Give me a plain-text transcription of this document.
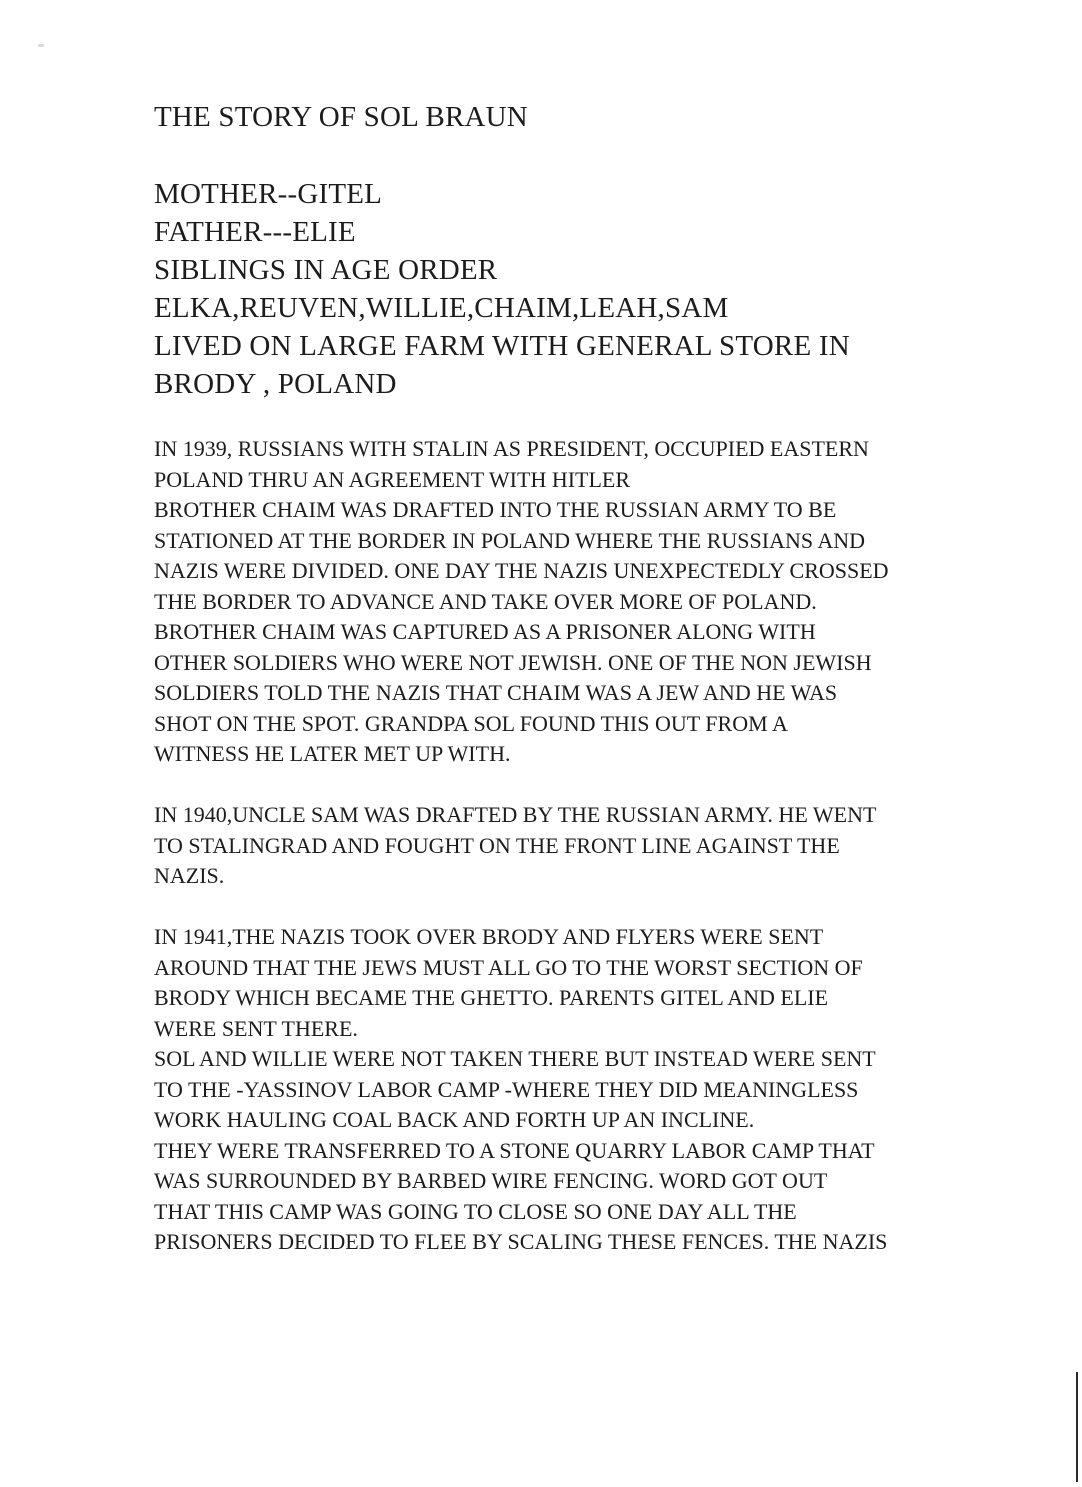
THE STORY OF SOL BRAUN
MOTHER--GITEL
FATHER---ELIE
SIBLINGS IN AGE ORDER
ELKA,REUVEN,WILLIE,CHAIM,LEAH,SAM
LIVED ON LARGE FARM WITH GENERAL STORE IN
BRODY , POLAND
IN 1939, RUSSIANS WITH STALIN AS PRESIDENT, OCCUPIED EASTERN
POLAND THRU AN AGREEMENT WITH HITLER
BROTHER CHAIM WAS DRAFTED INTO THE RUSSIAN ARMY TO BE
STATIONED AT THE BORDER IN POLAND WHERE THE RUSSIANS AND
NAZIS WERE DIVIDED. ONE DAY THE NAZIS UNEXPECTEDLY CROSSED
THE BORDER TO ADVANCE AND TAKE OVER MORE OF POLAND.
BROTHER CHAIM WAS CAPTURED AS A PRISONER ALONG WITH
OTHER SOLDIERS WHO WERE NOT JEWISH. ONE OF THE NON JEWISH
SOLDIERS TOLD THE NAZIS THAT CHAIM WAS A JEW AND HE WAS
SHOT ON THE SPOT. GRANDPA SOL FOUND THIS OUT FROM A
WITNESS HE LATER MET UP WITH.
IN 1940,UNCLE SAM WAS DRAFTED BY THE RUSSIAN ARMY. HE WENT
TO STALINGRAD AND FOUGHT ON THE FRONT LINE AGAINST THE
NAZIS.
IN 1941,THE NAZIS TOOK OVER BRODY AND FLYERS WERE SENT
AROUND THAT THE JEWS MUST ALL GO TO THE WORST SECTION OF
BRODY WHICH BECAME THE GHETTO. PARENTS GITEL AND ELIE
WERE SENT THERE.
SOL AND WILLIE WERE NOT TAKEN THERE BUT INSTEAD WERE SENT
TO THE -YASSINOV LABOR CAMP -WHERE THEY DID MEANINGLESS
WORK HAULING COAL BACK AND FORTH UP AN INCLINE.
THEY WERE TRANSFERRED TO A STONE QUARRY LABOR CAMP THAT
WAS SURROUNDED BY BARBED WIRE FENCING. WORD GOT OUT
THAT THIS CAMP WAS GOING TO CLOSE SO ONE DAY ALL THE
PRISONERS DECIDED TO FLEE BY SCALING THESE FENCES. THE NAZIS
